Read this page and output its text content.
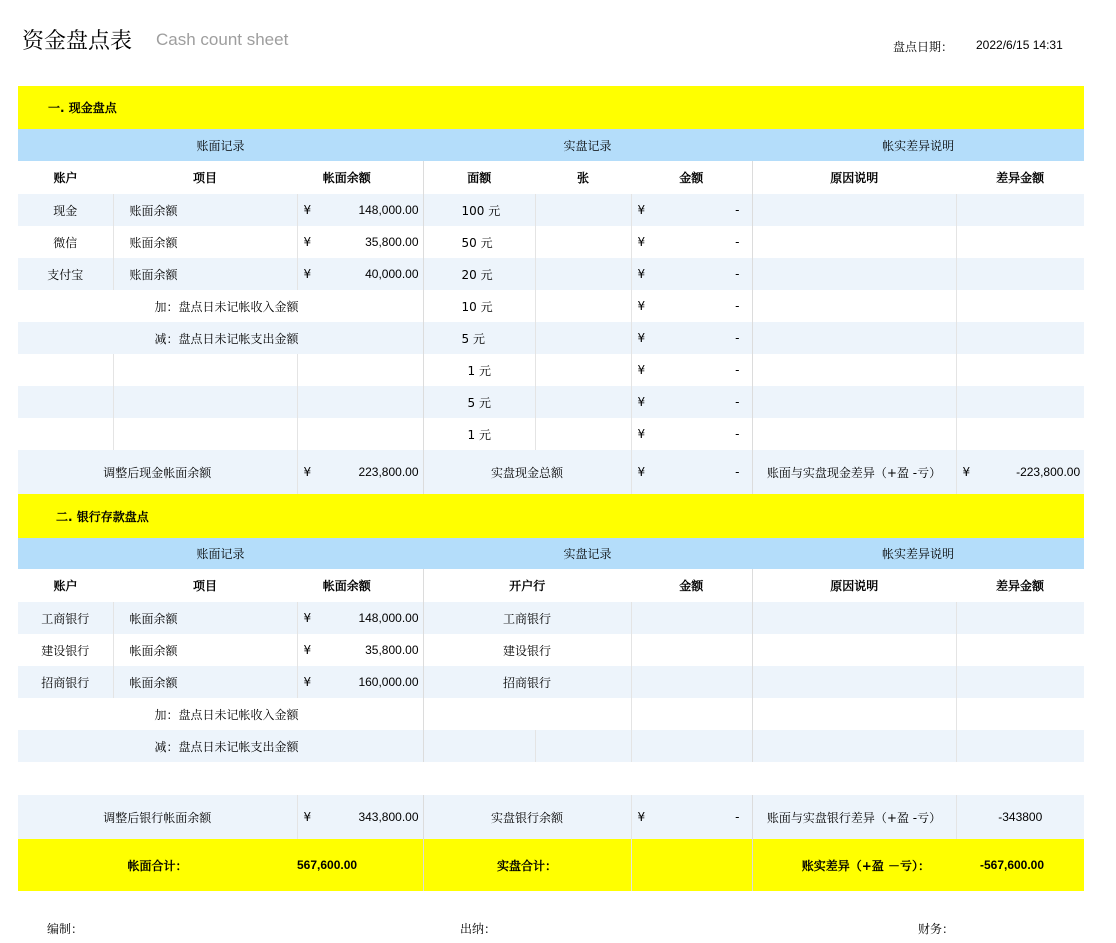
资金盘点表 Cash count sheet	盘点日期： 2022/6/15 14:31
一. 现金盘点										
账面记录				实盘记录				帐实差异说明		
账户	项目	帐面余额		面额	张	金额		原因说明	差异金额	
现金	账面余额	¥	148,000.00	100 元		¥	-			
微信	账面余额	¥	35,800.00	50 元		¥	-			
支付宝	账面余额	¥	40,000.00	20 元		¥	-			
加：盘点日未记帐收入金额				10 元		¥	-			
减：盘点日未记帐支出金额				5 元		¥	-			
				1 元		¥	-			
				5 元		¥	-			
				1 元		¥	-			
调整后现金帐面余额		¥	223,800.00	实盘现金总额		¥	-	账面与实盘现金差异（+盈 -亏）	¥	-223,800.00
二. 银行存款盘点									
账面记录				实盘记录				帐实差异说明	
账户	项目	帐面余额		开户行		金额		原因说明	差异金额
工商银行	帐面余额	¥	148,000.00	工商银行					
建设银行	帐面余额	¥	35,800.00	建设银行					
招商银行	帐面余额	¥	160,000.00	招商银行					
加：盘点日未记帐收入金额									
减：盘点日未记帐支出金额									

调整后银行帐面余额		¥	343,800.00	实盘银行余额		¥	-	账面与实盘银行差异（+盈 -亏）	-343800
帐面合计：		567,600.00		实盘合计：				账实差异（+盈 －亏）：	-567,600.00
编制：	出纳：	财务：
